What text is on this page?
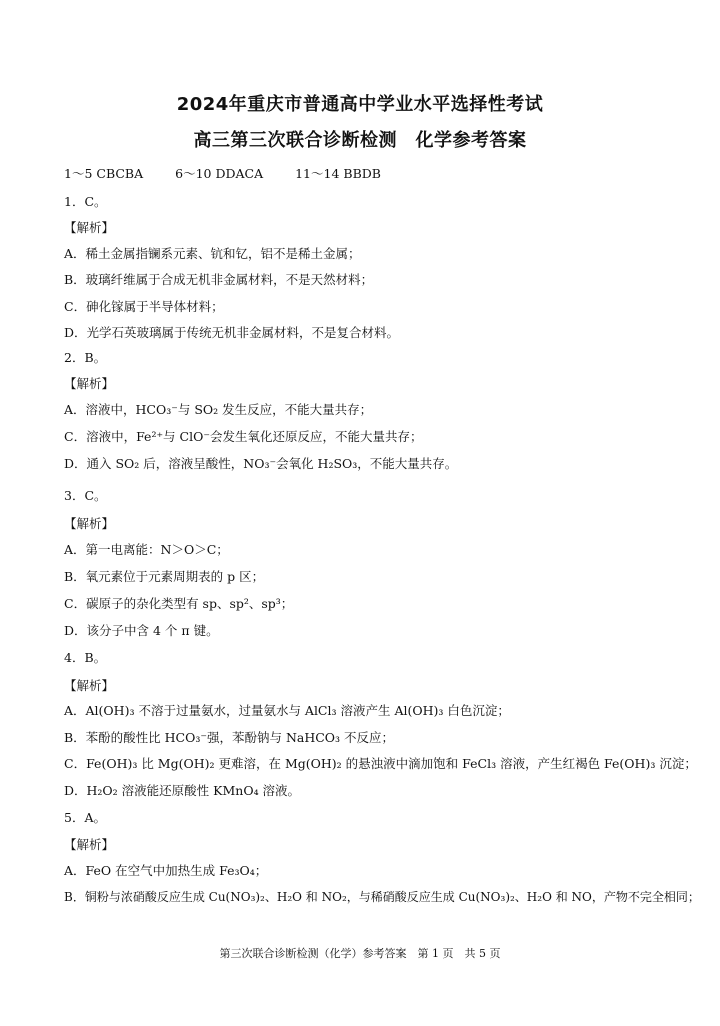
2024年重庆市普通高中学业水平选择性考试
高三第三次联合诊断检测　化学参考答案
1～5 CBCBA	6～10 DDACA	11～14 BBDB
1．C。
【解析】
A．稀土金属指镧系元素、钪和钇，铝不是稀土金属；
B．玻璃纤维属于合成无机非金属材料，不是天然材料；
C．砷化镓属于半导体材料；
D．光学石英玻璃属于传统无机非金属材料，不是复合材料。
2．B。
【解析】
A．溶液中，HCO₃⁻与 SO₂ 发生反应，不能大量共存；
C．溶液中，Fe²⁺与 ClO⁻会发生氧化还原反应，不能大量共存；
D．通入 SO₂ 后，溶液呈酸性，NO₃⁻会氧化 H₂SO₃，不能大量共存。
3．C。
【解析】
A．第一电离能：N＞O＞C；
B．氧元素位于元素周期表的 p 区；
C．碳原子的杂化类型有 sp、sp²、sp³；
D．该分子中含 4 个 π 键。
4．B。
【解析】
A．Al(OH)₃ 不溶于过量氨水，过量氨水与 AlCl₃ 溶液产生 Al(OH)₃ 白色沉淀；
B．苯酚的酸性比 HCO₃⁻强，苯酚钠与 NaHCO₃ 不反应；
C．Fe(OH)₃ 比 Mg(OH)₂ 更难溶，在 Mg(OH)₂ 的悬浊液中滴加饱和 FeCl₃ 溶液，产生红褐色 Fe(OH)₃ 沉淀；
D．H₂O₂ 溶液能还原酸性 KMnO₄ 溶液。
5．A。
【解析】
A．FeO 在空气中加热生成 Fe₃O₄；
B．铜粉与浓硝酸反应生成 Cu(NO₃)₂、H₂O 和 NO₂，与稀硝酸反应生成 Cu(NO₃)₂、H₂O 和 NO，产物不完全相同；
第三次联合诊断检测（化学）参考答案　第 1 页　共 5 页
